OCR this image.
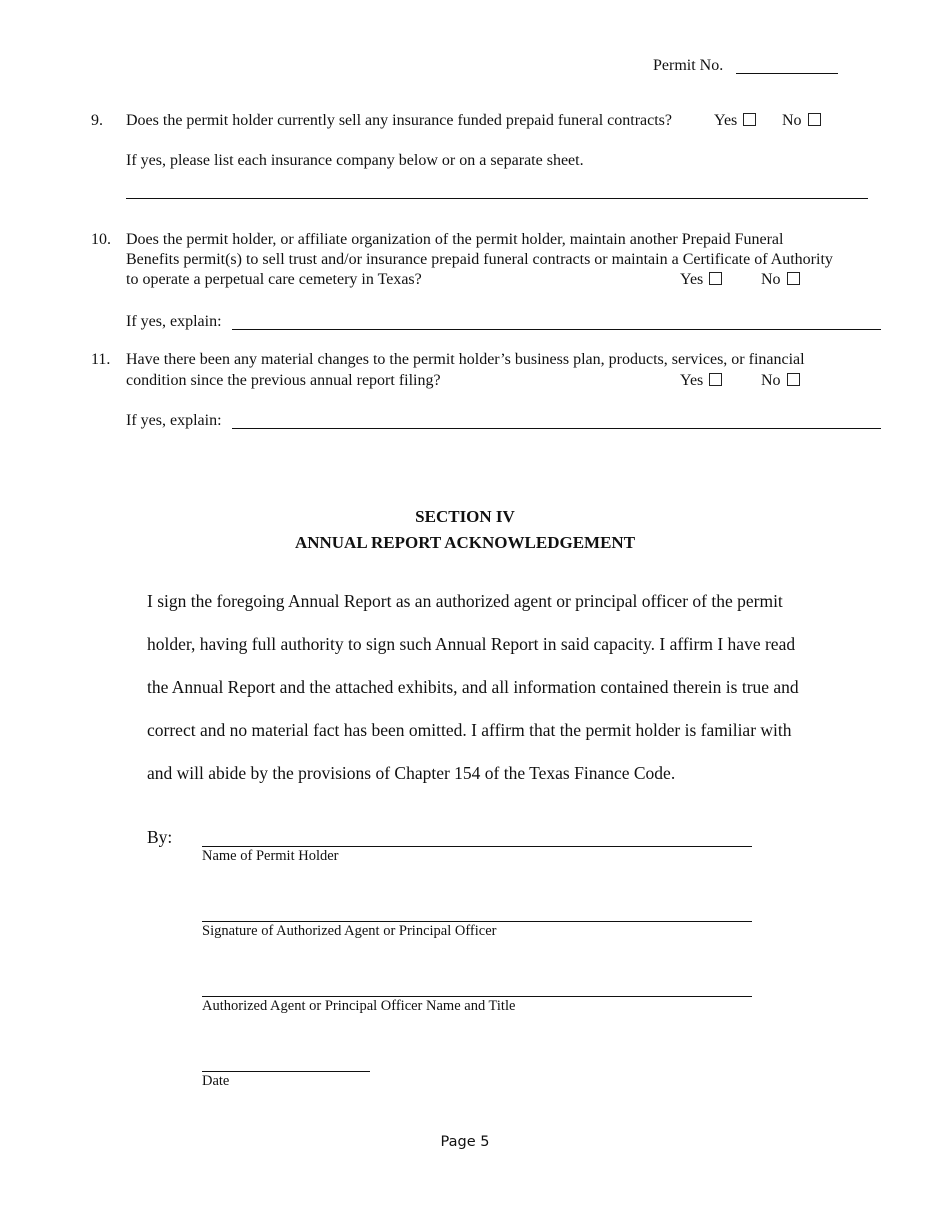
Permit No.
9. Does the permit holder currently sell any insurance funded prepaid funeral contracts?	Yes	No
If yes, please list each insurance company below or on a separate sheet.
10. Does the permit holder, or affiliate organization of the permit holder, maintain another Prepaid Funeral
Benefits permit(s) to sell trust and/or insurance prepaid funeral contracts or maintain a Certificate of Authority
to operate a perpetual care cemetery in Texas?	Yes	No
If yes, explain:
11. Have there been any material changes to the permit holder’s business plan, products, services, or financial
condition since the previous annual report filing?	Yes	No
If yes, explain:
SECTION IV
ANNUAL REPORT ACKNOWLEDGEMENT
I sign the foregoing Annual Report as an authorized agent or principal officer of the permit
holder, having full authority to sign such Annual Report in said capacity. I affirm I have read
the Annual Report and the attached exhibits, and all information contained therein is true and
correct and no material fact has been omitted. I affirm that the permit holder is familiar with
and will abide by the provisions of Chapter 154 of the Texas Finance Code.
By:
Name of Permit Holder
Signature of Authorized Agent or Principal Officer
Authorized Agent or Principal Officer Name and Title
Date
Page 5
